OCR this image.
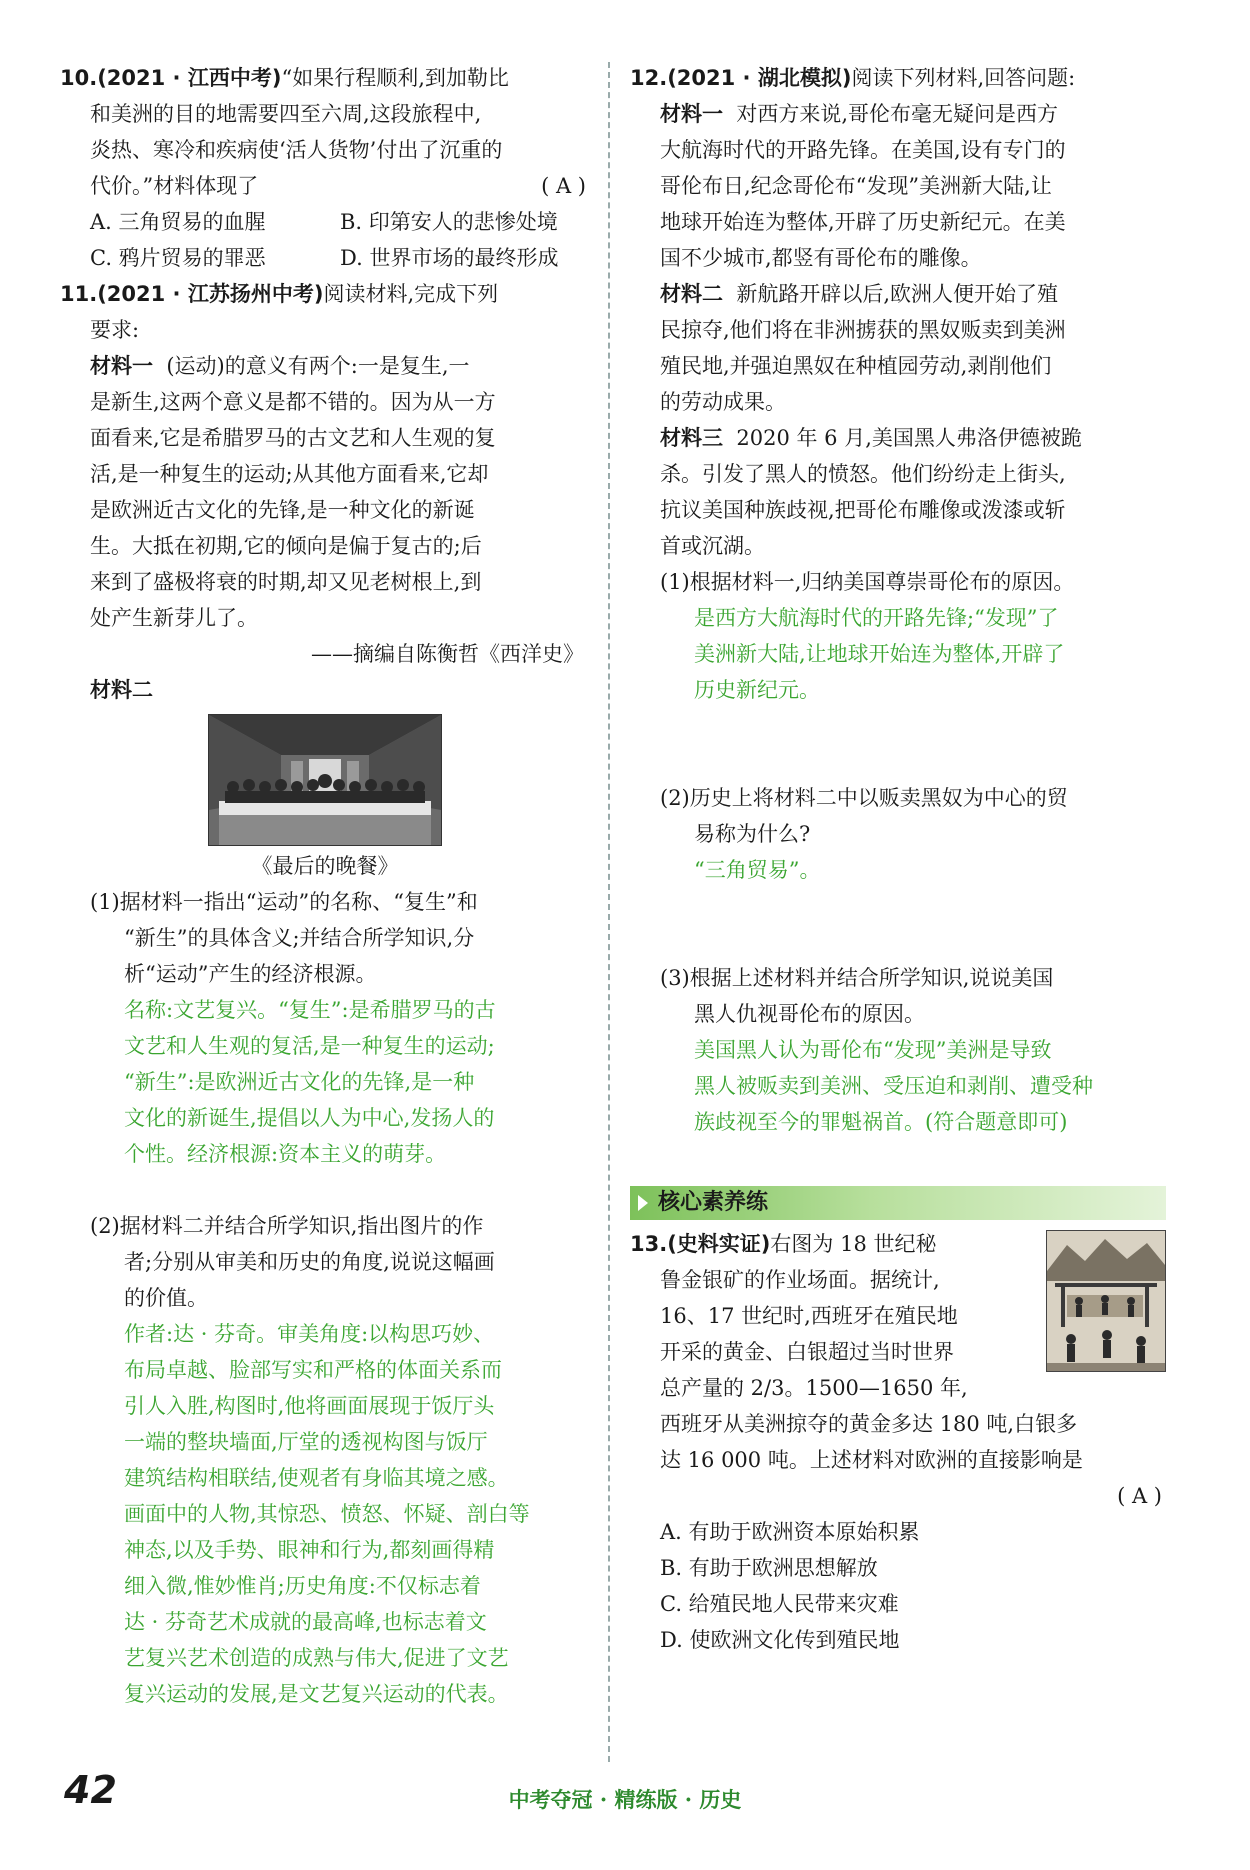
10.(2021 · 江西中考)“如果行程顺利,到加勒比

和美洲的目的地需要四至六周,这段旅程中,

炎热、寒冷和疾病使‘活人货物’付出了沉重的

代价。”材料体现了	( A )

A. 三角贸易的血腥	B. 印第安人的悲惨处境
C. 鸦片贸易的罪恶	D. 世界市场的最终形成

11.(2021 · 江苏扬州中考)阅读材料,完成下列

要求:

材料一 (运动)的意义有两个:一是复生,一

是新生,这两个意义是都不错的。因为从一方

面看来,它是希腊罗马的古文艺和人生观的复

活,是一种复生的运动;从其他方面看来,它却

是欧洲近古文化的先锋,是一种文化的新诞

生。大抵在初期,它的倾向是偏于复古的;后

来到了盛极将衰的时期,却又见老树根上,到

处产生新芽儿了。

——摘编自陈衡哲《西洋史》

材料二

《最后的晚餐》

(1)据材料一指出“运动”的名称、“复生”和

“新生”的具体含义;并结合所学知识,分

析“运动”产生的经济根源。

名称:文艺复兴。“复生”:是希腊罗马的古

文艺和人生观的复活,是一种复生的运动;

“新生”:是欧洲近古文化的先锋,是一种

文化的新诞生,提倡以人为中心,发扬人的

个性。经济根源:资本主义的萌芽。

(2)据材料二并结合所学知识,指出图片的作

者;分别从审美和历史的角度,说说这幅画

的价值。

作者:达 · 芬奇。审美角度:以构思巧妙、

布局卓越、脸部写实和严格的体面关系而

引人入胜,构图时,他将画面展现于饭厅头

一端的整块墙面,厅堂的透视构图与饭厅

建筑结构相联结,使观者有身临其境之感。

画面中的人物,其惊恐、愤怒、怀疑、剖白等

神态,以及手势、眼神和行为,都刻画得精

细入微,惟妙惟肖;历史角度:不仅标志着

达 · 芬奇艺术成就的最高峰,也标志着文

艺复兴艺术创造的成熟与伟大,促进了文艺

复兴运动的发展,是文艺复兴运动的代表。

12.(2021 · 湖北模拟)阅读下列材料,回答问题:

材料一 对西方来说,哥伦布毫无疑问是西方

大航海时代的开路先锋。在美国,设有专门的

哥伦布日,纪念哥伦布“发现”美洲新大陆,让

地球开始连为整体,开辟了历史新纪元。在美

国不少城市,都竖有哥伦布的雕像。

材料二 新航路开辟以后,欧洲人便开始了殖

民掠夺,他们将在非洲掳获的黑奴贩卖到美洲

殖民地,并强迫黑奴在种植园劳动,剥削他们

的劳动成果。

材料三 2020 年 6 月,美国黑人弗洛伊德被跪

杀。引发了黑人的愤怒。他们纷纷走上街头,

抗议美国种族歧视,把哥伦布雕像或泼漆或斩

首或沉湖。

(1)根据材料一,归纳美国尊崇哥伦布的原因。

是西方大航海时代的开路先锋;“发现”了

美洲新大陆,让地球开始连为整体,开辟了

历史新纪元。

(2)历史上将材料二中以贩卖黑奴为中心的贸

易称为什么?

“三角贸易”。

(3)根据上述材料并结合所学知识,说说美国

黑人仇视哥伦布的原因。

美国黑人认为哥伦布“发现”美洲是导致

黑人被贩卖到美洲、受压迫和剥削、遭受种

族歧视至今的罪魁祸首。(符合题意即可)

核心素养练

13.(史料实证)右图为 18 世纪秘

鲁金银矿的作业场面。据统计,

16、17 世纪时,西班牙在殖民地

开采的黄金、白银超过当时世界

总产量的 2/3。1500—1650 年,

西班牙从美洲掠夺的黄金多达 180 吨,白银多

达 16 000 吨。上述材料对欧洲的直接影响是

( A )

A. 有助于欧洲资本原始积累

B. 有助于欧洲思想解放

C. 给殖民地人民带来灾难

D. 使欧洲文化传到殖民地

42	中考夺冠 · 精练版 · 历史
